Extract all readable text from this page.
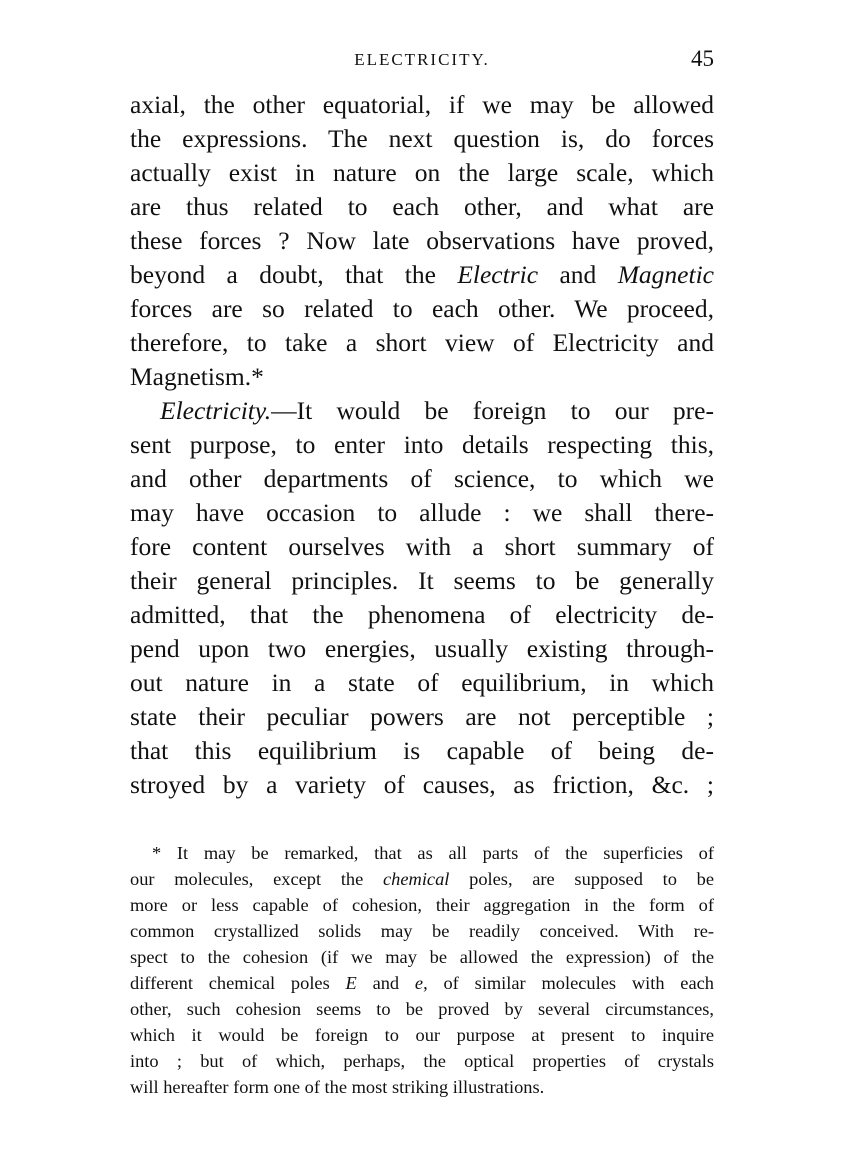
ELECTRICITY.	45
axial, the other equatorial, if we may be allowed
the expressions. The next question is, do forces
actually exist in nature on the large scale, which
are thus related to each other, and what are
these forces ? Now late observations have proved,
beyond a doubt, that the Electric and Magnetic
forces are so related to each other. We proceed,
therefore, to take a short view of Electricity and
Magnetism.*
Electricity.—It would be foreign to our pre-
sent purpose, to enter into details respecting this,
and other departments of science, to which we
may have occasion to allude : we shall there-
fore content ourselves with a short summary of
their general principles. It seems to be generally
admitted, that the phenomena of electricity de-
pend upon two energies, usually existing through-
out nature in a state of equilibrium, in which
state their peculiar powers are not perceptible ;
that this equilibrium is capable of being de-
stroyed by a variety of causes, as friction, &c. ;
* It may be remarked, that as all parts of the superficies of
our molecules, except the chemical poles, are supposed to be
more or less capable of cohesion, their aggregation in the form of
common crystallized solids may be readily conceived. With re-
spect to the cohesion (if we may be allowed the expression) of the
different chemical poles E and e, of similar molecules with each
other, such cohesion seems to be proved by several circumstances,
which it would be foreign to our purpose at present to inquire
into ; but of which, perhaps, the optical properties of crystals
will hereafter form one of the most striking illustrations.
